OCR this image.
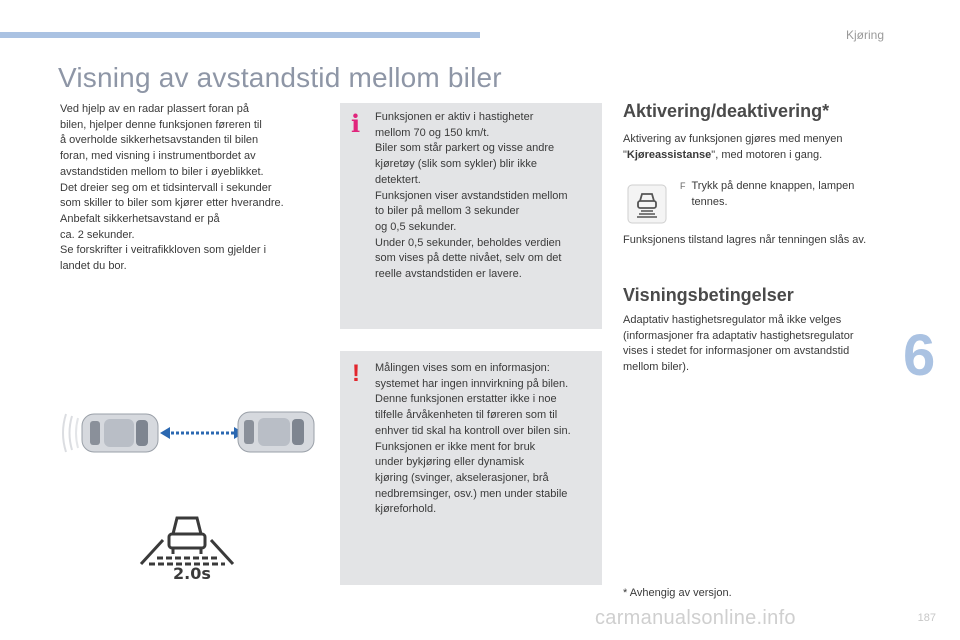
Kjøring
Visning av avstandstid mellom biler
Ved hjelp av en radar plassert foran på
bilen, hjelper denne funksjonen føreren til
å overholde sikkerhetsavstanden til bilen
foran, med visning i instrumentbordet av
avstandstiden mellom to biler i øyeblikket.
Det dreier seg om et tidsintervall i sekunder
som skiller to biler som kjører etter hverandre.
Anbefalt sikkerhetsavstand er på
ca. 2 sekunder.
Se forskrifter i veitrafikkloven som gjelder i
landet du bor.
2.0s
i Funksjonen er aktiv i hastigheter
mellom 70 og 150 km/t.
Biler som står parkert og visse andre
kjøretøy (slik som sykler) blir ikke
detektert.
Funksjonen viser avstandstiden mellom
to biler på mellom 3 sekunder
og 0,5 sekunder.
Under 0,5 sekunder, beholdes verdien
som vises på dette nivået, selv om det
reelle avstandstiden er lavere.
! Målingen vises som en informasjon:
systemet har ingen innvirkning på bilen.
Denne funksjonen erstatter ikke i noe
tilfelle årvåkenheten til føreren som til
enhver tid skal ha kontroll over bilen sin.
Funksjonen er ikke ment for bruk
under bykjøring eller dynamisk
kjøring (svinger, akselerasjoner, brå
nedbremsinger, osv.) men under stabile
kjøreforhold.
Aktivering/deaktivering*
Aktivering av funksjonen gjøres med menyen
"Kjøreassistanse", med motoren i gang.
F Trykk på denne knappen, lampen
tennes.
Funksjonens tilstand lagres når tenningen slås av.
Visningsbetingelser
Adaptativ hastighetsregulator må ikke velges
(informasjoner fra adaptativ hastighetsregulator
vises i stedet for informasjoner om avstandstid
mellom biler).
* Avhengig av versjon.
6
carmanualsonline.info	187
